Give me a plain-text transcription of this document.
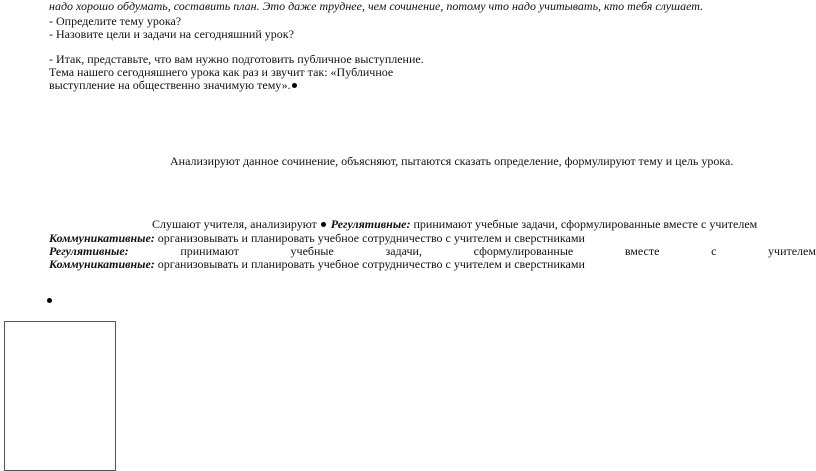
надо хорошо обдумать, составить план. Это даже труднее, чем сочинение, потому что надо учитывать, кто тебя слушает.
- Определите тему урока?
- Назовите цели и задачи на сегодняшний урок?
- Итак, представьте, что вам нужно подготовить публичное выступление.
Тема нашего сегодняшнего урока как раз и звучит так: «Публичное
выступление на общественно значимую тему».
Анализируют данное сочинение, объясняют, пытаются сказать определение, формулируют тему и цель урока.
Слушают учителя, анализируют Регулятивные: принимают учебные задачи, сформулированные вместе с учителем
Коммуникативные: организовывать и планировать учебное сотрудничество с учителем и сверстниками
Регулятивные:	принимают	учебные	задачи,	сформулированные	вместе	с	учителем
Коммуникативные: организовывать и планировать учебное сотрудничество с учителем и сверстниками
